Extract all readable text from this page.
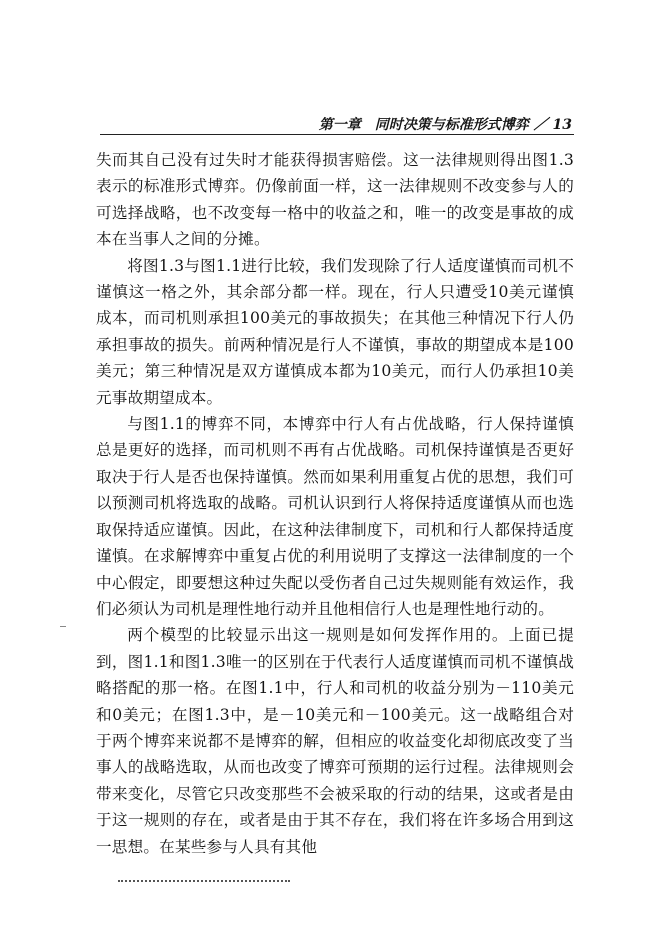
第一章　同时决策与标准形式博弈 ／ 13

失而其自己没有过失时才能获得损害赔偿。这一法律规则得出图1.3表示的标准形式博弈。仍像前面一样，这一法律规则不改变参与人的可选择战略，也不改变每一格中的收益之和，唯一的改变是事故的成本在当事人之间的分摊。

将图1.3与图1.1进行比较，我们发现除了行人适度谨慎而司机不谨慎这一格之外，其余部分都一样。现在，行人只遭受10美元谨慎成本，而司机则承担100美元的事故损失；在其他三种情况下行人仍承担事故的损失。前两种情况是行人不谨慎，事故的期望成本是100美元；第三种情况是双方谨慎成本都为10美元，而行人仍承担10美元事故期望成本。

与图1.1的博弈不同，本博弈中行人有占优战略，行人保持谨慎总是更好的选择，而司机则不再有占优战略。司机保持谨慎是否更好取决于行人是否也保持谨慎。然而如果利用重复占优的思想，我们可以预测司机将选取的战略。司机认识到行人将保持适度谨慎从而也选取保持适应谨慎。因此，在这种法律制度下，司机和行人都保持适度谨慎。在求解博弈中重复占优的利用说明了支撑这一法律制度的一个中心假定，即要想这种过失配以受伤者自己过失规则能有效运作，我们必须认为司机是理性地行动并且他相信行人也是理性地行动的。

两个模型的比较显示出这一规则是如何发挥作用的。上面已提到，图1.1和图1.3唯一的区别在于代表行人适度谨慎而司机不谨慎战略搭配的那一格。在图1.1中，行人和司机的收益分别为－110美元和0美元；在图1.3中，是－10美元和－100美元。这一战略组合对于两个博弈来说都不是博弈的解，但相应的收益变化却彻底改变了当事人的战略选取，从而也改变了博弈可预期的运行过程。法律规则会带来变化，尽管它只改变那些不会被采取的行动的结果，这或者是由于这一规则的存在，或者是由于其不存在，我们将在许多场合用到这一思想。在某些参与人具有其他
